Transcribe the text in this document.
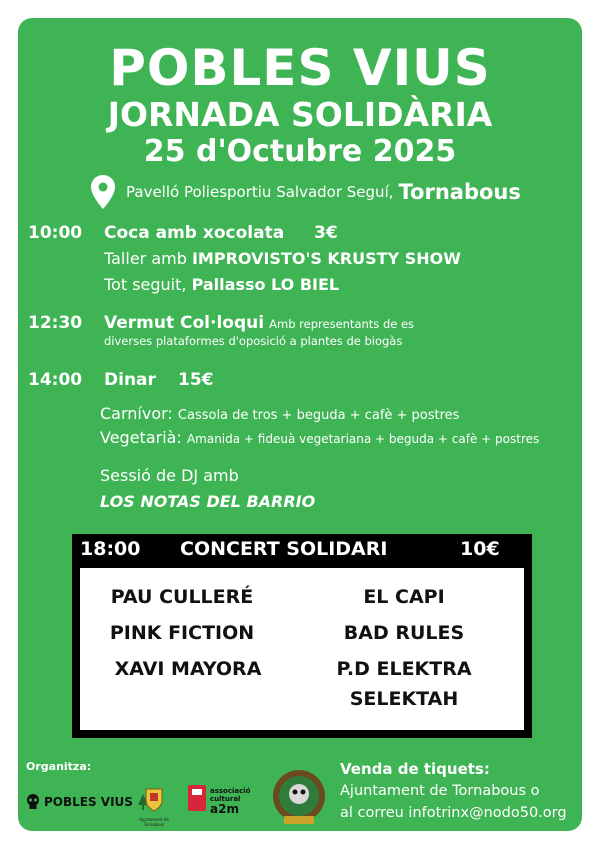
POBLES VIUS
JORNADA SOLIDÀRIA
25 d'Octubre 2025
Pavelló Poliesportiu Salvador Seguí, Tornabous
10:00 Coca amb xocolata 3€
Taller amb IMPROVISTO'S KRUSTY SHOW
Tot seguit, Pallasso LO BIEL
12:30 Vermut Col·loqui Amb representants de es
diverses plataformes d'oposició a plantes de biogàs
14:00 Dinar 15€
Carnívor: Cassola de tros + beguda + cafè + postres
Vegetarià: Amanida + fideuà vegetariana + beguda + cafè + postres
Sessió de DJ amb
LOS NOTAS DEL BARRIO
18:00 CONCERT SOLIDARI	10€
PAU CULLERÉ
PINK FICTION
XAVI MAYORA
EL CAPI
BAD RULES
P.D ELEKTRA
SELEKTAH
Organitza:
POBLES VIUS
Ajuntament de Tornabous
associació
cultural
a2m
Venda de tiquets:
Ajuntament de Tornabous o
al correu infotrinx@nodo50.org
